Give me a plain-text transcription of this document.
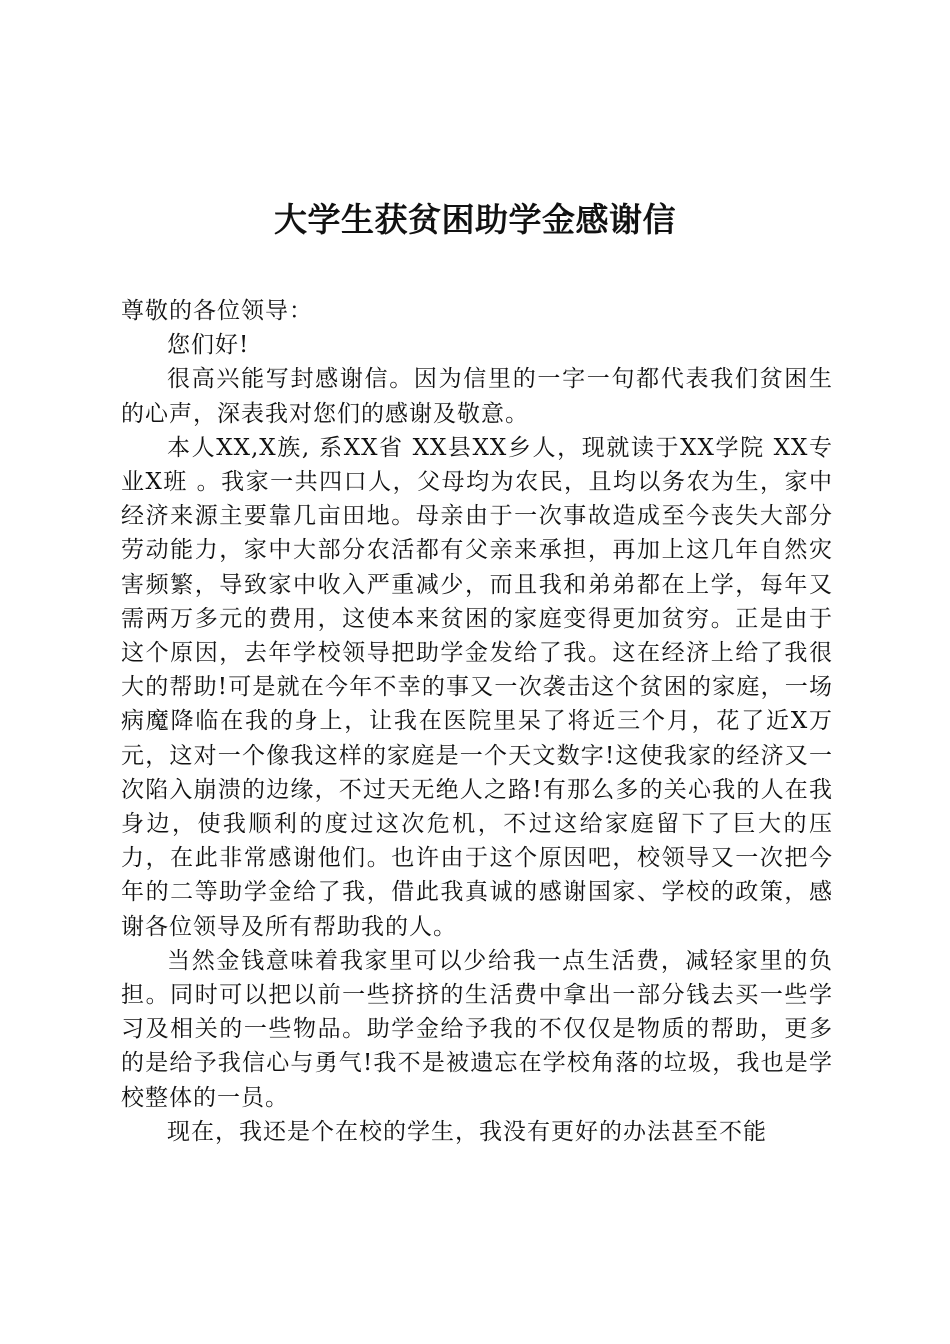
大学生获贫困助学金感谢信

尊敬的各位领导：

您们好!

很高兴能写封感谢信。因为信里的一字一句都代表我们贫困生的心声，深表我对您们的感谢及敬意。

本人XX,X族, 系XX省 XX县XX乡人，现就读于XX学院 XX专业X班 。我家一共四口人，父母均为农民，且均以务农为生，家中经济来源主要靠几亩田地。母亲由于一次事故造成至今丧失大部分劳动能力，家中大部分农活都有父亲来承担，再加上这几年自然灾害频繁，导致家中收入严重减少，而且我和弟弟都在上学，每年又需两万多元的费用，这使本来贫困的家庭变得更加贫穷。正是由于这个原因，去年学校领导把助学金发给了我。这在经济上给了我很大的帮助!可是就在今年不幸的事又一次袭击这个贫困的家庭，一场病魔降临在我的身上，让我在医院里呆了将近三个月，花了近X万元，这对一个像我这样的家庭是一个天文数字!这使我家的经济又一次陷入崩溃的边缘，不过天无绝人之路!有那么多的关心我的人在我身边，使我顺利的度过这次危机，不过这给家庭留下了巨大的压力，在此非常感谢他们。也许由于这个原因吧，校领导又一次把今年的二等助学金给了我，借此我真诚的感谢国家、学校的政策，感谢各位领导及所有帮助我的人。

当然金钱意味着我家里可以少给我一点生活费，减轻家里的负担。同时可以把以前一些挤挤的生活费中拿出一部分钱去买一些学习及相关的一些物品。助学金给予我的不仅仅是物质的帮助，更多的是给予我信心与勇气!我不是被遗忘在学校角落的垃圾，我也是学校整体的一员。

现在，我还是个在校的学生，我没有更好的办法甚至不能
